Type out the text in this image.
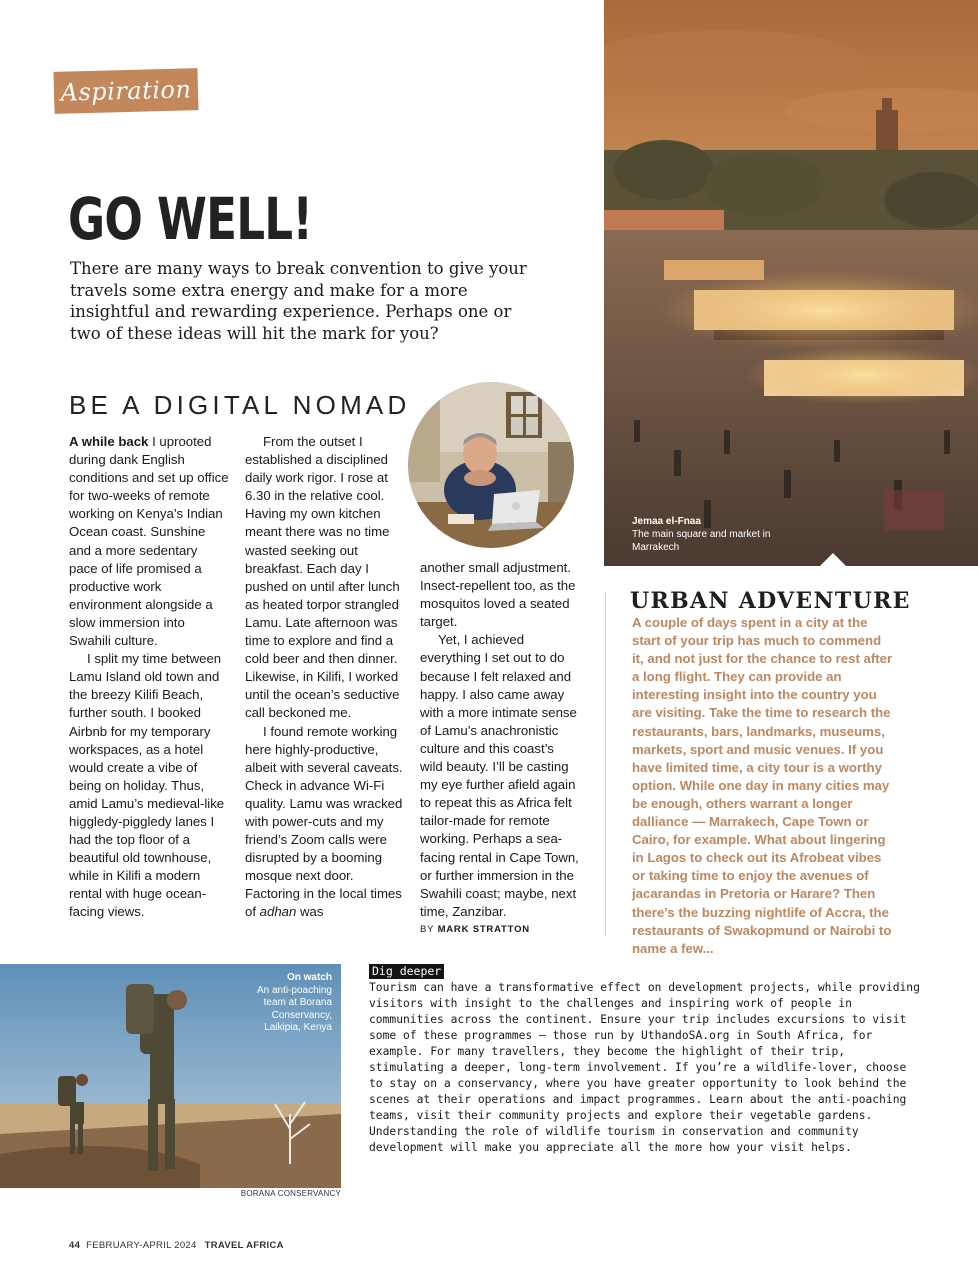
Aspiration
GO WELL!

There are many ways to break convention to give your travels some extra energy and make for a more insightful and rewarding experience. Perhaps one or two of these ideas will hit the mark for you?

BE A DIGITAL NOMAD

A while back I uprooted during dank English conditions and set up office for two-weeks of remote working on Kenya’s Indian Ocean coast. Sunshine and a more sedentary pace of life promised a productive work environment alongside a slow immersion into Swahili culture.

I split my time between Lamu Island old town and the breezy Kilifi Beach, further south. I booked Airbnb for my temporary workspaces, as a hotel would create a vibe of being on holiday. Thus, amid Lamu’s medieval-like higgledy-piggledy lanes I had the top floor of a beautiful old townhouse, while in Kilifi a modern rental with huge ocean-facing views.

From the outset I established a disciplined daily work rigor. I rose at 6.30 in the relative cool. Having my own kitchen meant there was no time wasted seeking out breakfast. Each day I pushed on until after lunch as heated torpor strangled Lamu. Late afternoon was time to explore and find a cold beer and then dinner. Likewise, in Kilifi, I worked until the ocean’s seductive call beckoned me.

I found remote working here highly-productive, albeit with several caveats. Check in advance Wi-Fi quality. Lamu was wracked with power-cuts and my friend’s Zoom calls were disrupted by a booming mosque next door. Factoring in the local times of adhan was

another small adjustment. Insect-repellent too, as the mosquitos loved a seated target.

Yet, I achieved everything I set out to do because I felt relaxed and happy. I also came away with a more intimate sense of Lamu’s anachronistic culture and this coast’s wild beauty. I’ll be casting my eye further afield again to repeat this as Africa felt tailor-made for remote working. Perhaps a sea-facing rental in Cape Town, or further immersion in the Swahili coast; maybe, next time, Zanzibar.

BY MARK STRATTON

Jemaa el-Fnaa
The main square and market in Marrakech
URBAN ADVENTURE

A couple of days spent in a city at the start of your trip has much to commend it, and not just for the chance to rest after a long flight. They can provide an interesting insight into the country you are visiting. Take the time to research the restaurants, bars, landmarks, museums, markets, sport and music venues. If you have limited time, a city tour is a worthy option. While one day in many cities may be enough, others warrant a longer dalliance — Marrakech, Cape Town or Cairo, for example. What about lingering in Lagos to check out its Afrobeat vibes or taking time to enjoy the avenues of jacarandas in Pretoria or Harare? Then there’s the buzzing nightlife of Accra, the restaurants of Swakopmund or Nairobi to name a few...

On watch
An anti-poaching team at Borana Conservancy, Laikipia, Kenya
BORANA CONSERVANCY
Dig deeper

Tourism can have a transformative effect on development projects, while providing visitors with insight to the challenges and inspiring work of people in communities across the continent. Ensure your trip includes excursions to visit some of these programmes — those run by UthandoSA.org in South Africa, for example. For many travellers, they become the highlight of their trip, stimulating a deeper, long-term involvement. If you’re a wildlife-lover, choose to stay on a conservancy, where you have greater opportunity to look behind the scenes at their operations and impact programmes. Learn about the anti-poaching teams, visit their community projects and explore their vegetable gardens. Understanding the role of wildlife tourism in conservation and community development will make you appreciate all the more how your visit helps.

44 FEBRUARY-APRIL 2024 TRAVEL AFRICA
